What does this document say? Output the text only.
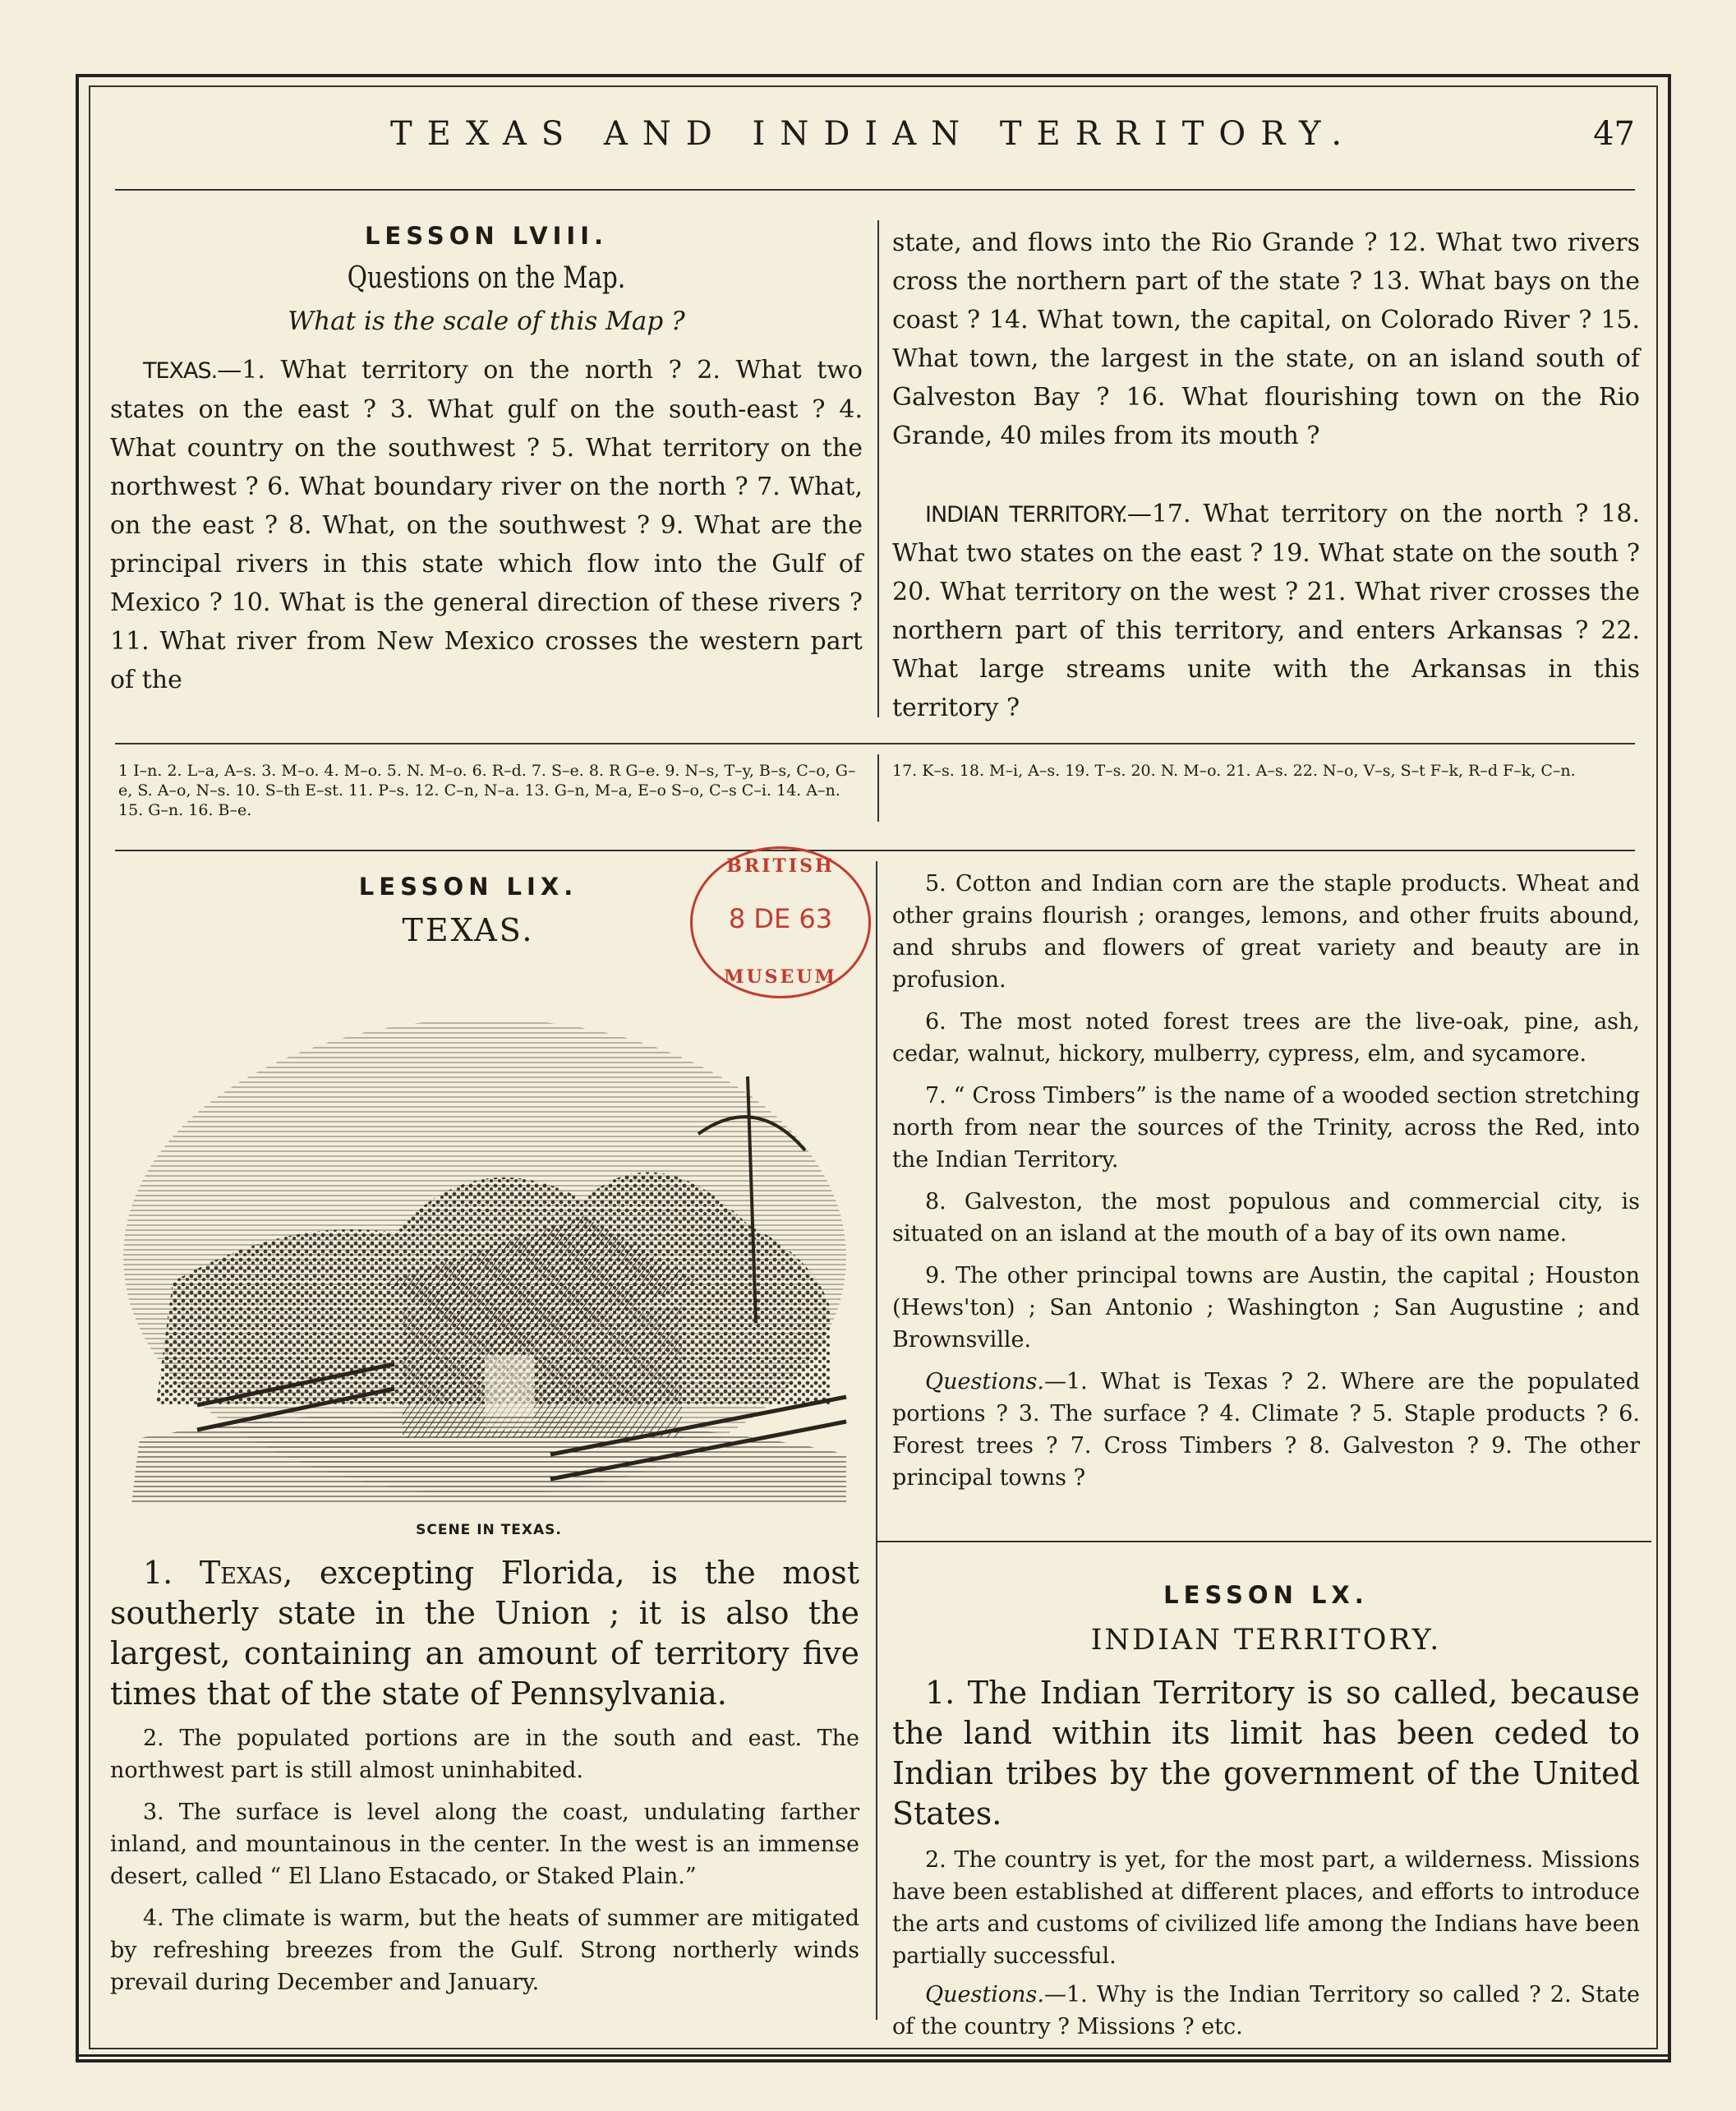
TEXAS AND INDIAN TERRITORY.	47
LESSON LVIII.
Questions on the Map.
What is the scale of this Map ?

TEXAS.—1. What territory on the north ? 2. What two states on the east ? 3. What gulf on the south-east ? 4. What country on the southwest ? 5. What territory on the northwest ? 6. What boundary river on the north ? 7. What, on the east ? 8. What, on the southwest ? 9. What are the principal rivers in this state which flow into the Gulf of Mexico ? 10. What is the general direction of these rivers ? 11. What river from New Mexico crosses the western part of the

state, and flows into the Rio Grande ? 12. What two rivers cross the northern part of the state ? 13. What bays on the coast ? 14. What town, the capital, on Colorado River ? 15. What town, the largest in the state, on an island south of Galveston Bay ? 16. What flourishing town on the Rio Grande, 40 miles from its mouth ?

INDIAN TERRITORY.—17. What territory on the north ? 18. What two states on the east ? 19. What state on the south ? 20. What territory on the west ? 21. What river crosses the northern part of this territory, and enters Arkansas ? 22. What large streams unite with the Arkansas in this territory ?

1 I–n. 2. L–a, A–s. 3. M–o. 4. M–o. 5. N. M–o. 6. R–d. 7. S–e. 8. R G–e. 9. N–s, T–y, B–s, C–o, G–e, S. A–o, N–s. 10. S–th E–st. 11. P–s. 12. C–n, N–a. 13. G–n, M–a, E–o S–o, C–s C–i. 14. A–n. 15. G–n. 16. B–e.
17. K–s. 18. M–i, A–s. 19. T–s. 20. N. M–o. 21. A–s. 22. N–o, V–s, S–t F–k, R–d F–k, C–n.
LESSON LIX.
TEXAS.
BRITISH
8 DE 63
MUSEUM
SCENE IN TEXAS.

1. Texas, excepting Florida, is the most southerly state in the Union ; it is also the largest, containing an amount of territory five times that of the state of Pennsylvania.

2. The populated portions are in the south and east. The northwest part is still almost uninhabited.

3. The surface is level along the coast, undulating farther inland, and mountainous in the center. In the west is an immense desert, called “ El Llano Estacado, or Staked Plain.”

4. The climate is warm, but the heats of summer are mitigated by refreshing breezes from the Gulf. Strong northerly winds prevail during December and January.

5. Cotton and Indian corn are the staple products. Wheat and other grains flourish ; oranges, lemons, and other fruits abound, and shrubs and flowers of great variety and beauty are in profusion.

6. The most noted forest trees are the live-oak, pine, ash, cedar, walnut, hickory, mulberry, cypress, elm, and sycamore.

7. “ Cross Timbers” is the name of a wooded section stretching north from near the sources of the Trinity, across the Red, into the Indian Territory.

8. Galveston, the most populous and commercial city, is situated on an island at the mouth of a bay of its own name.

9. The other principal towns are Austin, the capital ; Houston (Hews'ton) ; San Antonio ; Washington ; San Augustine ; and Brownsville.

Questions.—1. What is Texas ? 2. Where are the populated portions ? 3. The surface ? 4. Climate ? 5. Staple products ? 6. Forest trees ? 7. Cross Timbers ? 8. Galveston ? 9. The other principal towns ?

LESSON LX.
INDIAN TERRITORY.

1. The Indian Territory is so called, because the land within its limit has been ceded to Indian tribes by the government of the United States.

2. The country is yet, for the most part, a wilderness. Missions have been established at different places, and efforts to introduce the arts and customs of civilized life among the Indians have been partially successful.

Questions.—1. Why is the Indian Territory so called ? 2. State of the country ? Missions ? etc.
